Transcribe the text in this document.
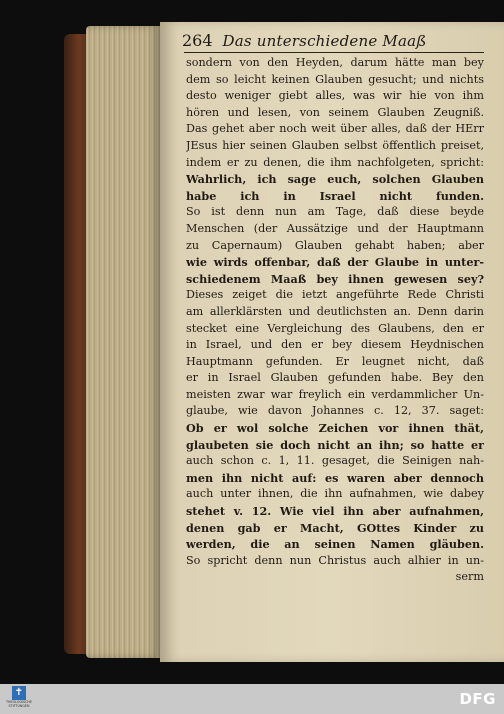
264 Das unterschiedene Maaß
sondern von den Heyden, darum hätte man bey
dem so leicht keinen Glauben gesucht; und nichts
desto weniger giebt alles, was wir hie von ihm
hören und lesen, von seinem Glauben Zeugniß.
Das gehet aber noch weit über alles, daß der HErr
JEsus hier seinen Glauben selbst öffentlich preiset,
indem er zu denen, die ihm nachfolgeten, spricht:
Wahrlich, ich sage euch, solchen Glauben
habe ich in Israel nicht funden.
So ist denn nun am Tage, daß diese beyde
Menschen (der Aussätzige und der Hauptmann
zu Capernaum) Glauben gehabt haben; aber
wie wirds offenbar, daß der Glaube in unter-
schiedenem Maaß bey ihnen gewesen sey?
Dieses zeiget die ietzt angeführte Rede Christi
am allerklärsten und deutlichsten an. Denn darin
stecket eine Vergleichung des Glaubens, den er
in Israel, und den er bey diesem Heydnischen
Hauptmann gefunden. Er leugnet nicht, daß
er in Israel Glauben gefunden habe. Bey den
meisten zwar war freylich ein verdammlicher Un-
glaube, wie davon Johannes c. 12, 37. saget:
Ob er wol solche Zeichen vor ihnen thät,
glaubeten sie doch nicht an ihn; so hatte er
auch schon c. 1, 11. gesaget, die Seinigen nah-
men ihn nicht auf: es waren aber dennoch
auch unter ihnen, die ihn aufnahmen, wie dabey
stehet v. 12. Wie viel ihn aber aufnahmen,
denen gab er Macht, GOttes Kinder zu
werden, die an seinen Namen gläuben.
So spricht denn nun Christus auch alhier in un-
serm
✝
THEOLOGISCHE
STIFTUNGEN	DFG
